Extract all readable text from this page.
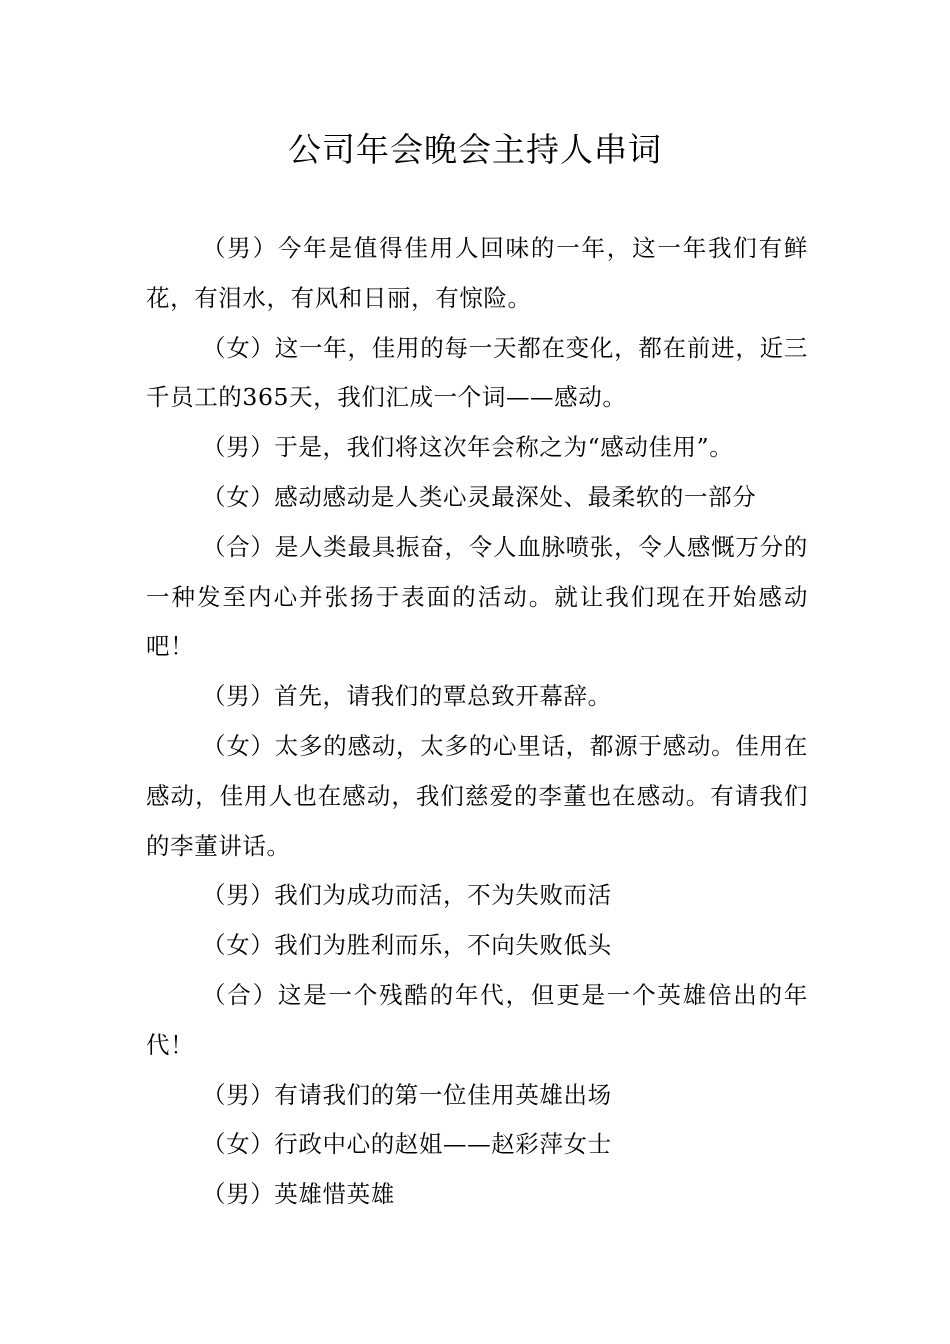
公司年会晚会主持人串词

（男）今年是值得佳用人回味的一年，这一年我们有鲜花，有泪水，有风和日丽，有惊险。

（女）这一年，佳用的每一天都在变化，都在前进，近三千员工的365天，我们汇成一个词——感动。

（男）于是，我们将这次年会称之为“感动佳用”。

（女）感动感动是人类心灵最深处、最柔软的一部分

（合）是人类最具振奋，令人血脉喷张，令人感慨万分的一种发至内心并张扬于表面的活动。就让我们现在开始感动吧！

（男）首先，请我们的覃总致开幕辞。

（女）太多的感动，太多的心里话，都源于感动。佳用在感动，佳用人也在感动，我们慈爱的李董也在感动。有请我们的李董讲话。

（男）我们为成功而活，不为失败而活

（女）我们为胜利而乐，不向失败低头

（合）这是一个残酷的年代，但更是一个英雄倍出的年代！

（男）有请我们的第一位佳用英雄出场

（女）行政中心的赵姐——赵彩萍女士

（男）英雄惜英雄
